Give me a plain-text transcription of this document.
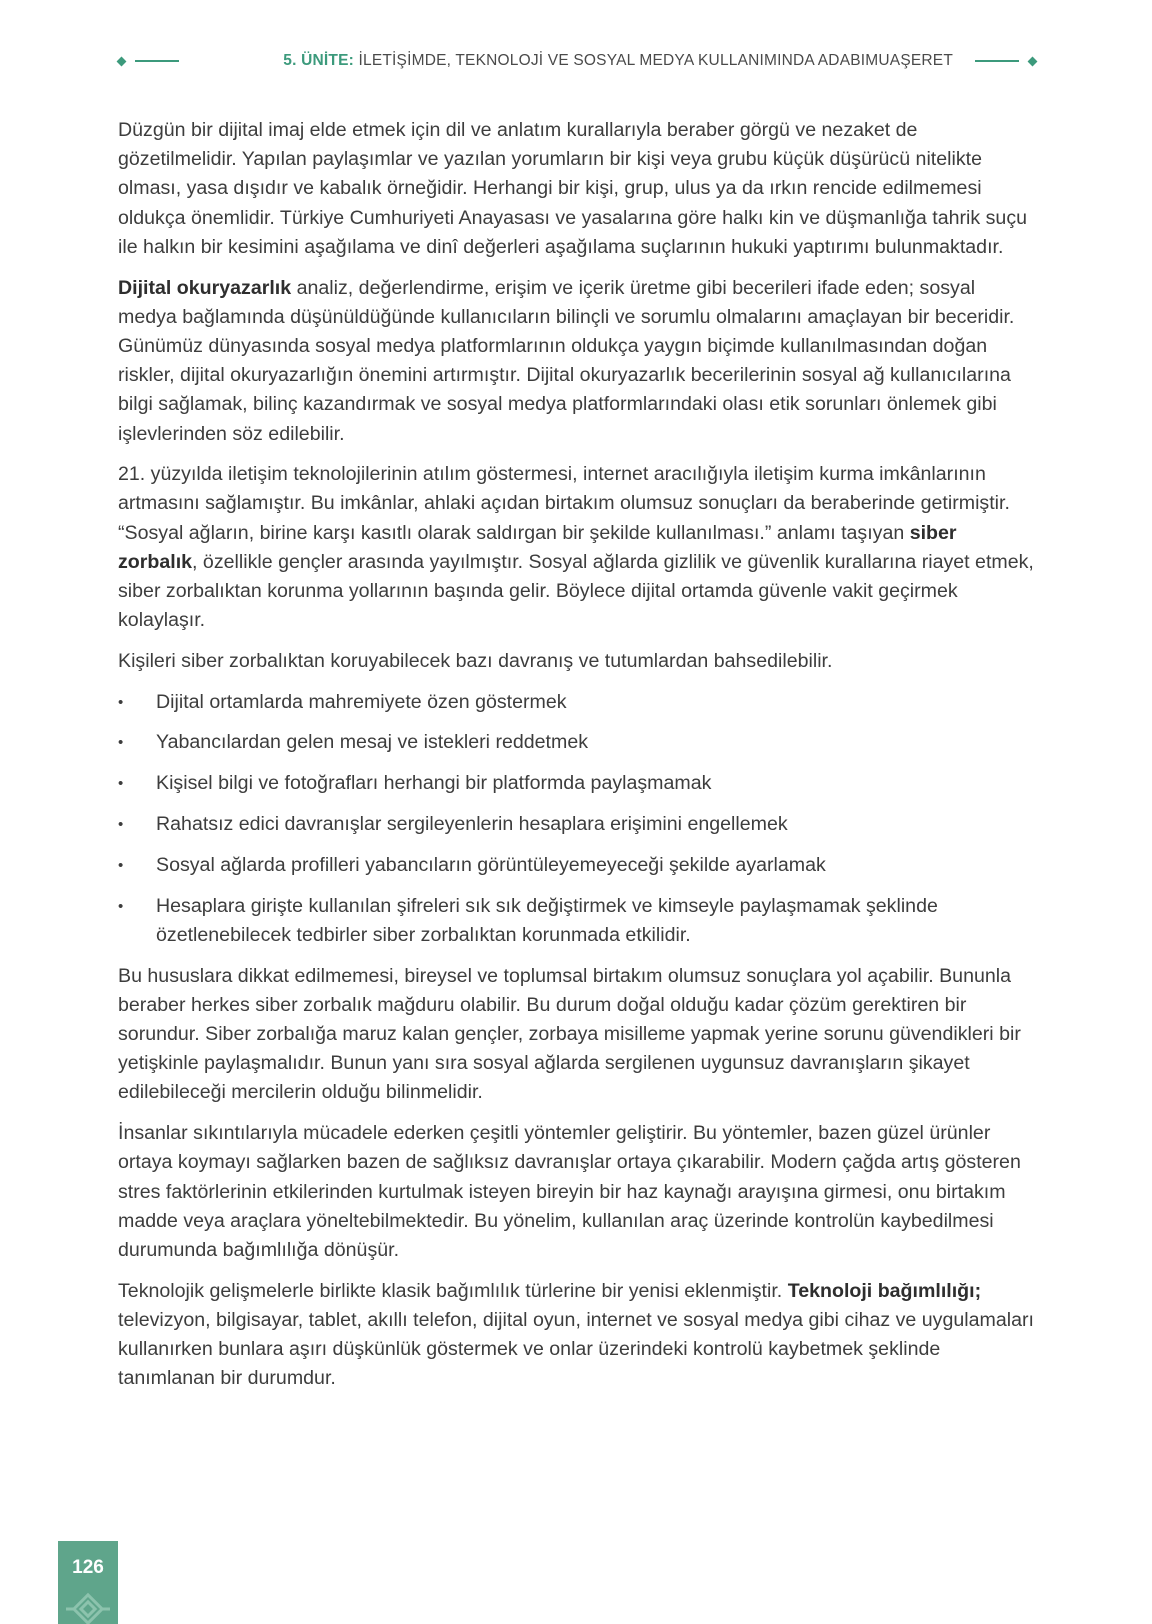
5. ÜNİTE: İLETİŞİMDE, TEKNOLOJİ VE SOSYAL MEDYA KULLANIMINDA ADABIMUAŞERET

Düzgün bir dijital imaj elde etmek için dil ve anlatım kurallarıyla beraber görgü ve nezaket de gözetilmelidir. Yapılan paylaşımlar ve yazılan yorumların bir kişi veya grubu küçük düşürücü nitelikte olması, yasa dışıdır ve kabalık örneğidir. Herhangi bir kişi, grup, ulus ya da ırkın rencide edilmemesi oldukça önemlidir. Türkiye Cumhuriyeti Anayasası ve yasalarına göre halkı kin ve düşmanlığa tahrik suçu ile halkın bir kesimini aşağılama ve dinî değerleri aşağılama suçlarının hukuki yaptırımı bulunmaktadır.

Dijital okuryazarlık analiz, değerlendirme, erişim ve içerik üretme gibi becerileri ifade eden; sosyal medya bağlamında düşünüldüğünde kullanıcıların bilinçli ve sorumlu olmalarını amaçlayan bir beceridir. Günümüz dünyasında sosyal medya platformlarının oldukça yaygın biçimde kullanılmasından doğan riskler, dijital okuryazarlığın önemini artırmıştır. Dijital okuryazarlık becerilerinin sosyal ağ kullanıcılarına bilgi sağlamak, bilinç kazandırmak ve sosyal medya platformlarındaki olası etik sorunları önlemek gibi işlevlerinden söz edilebilir.

21. yüzyılda iletişim teknolojilerinin atılım göstermesi, internet aracılığıyla iletişim kurma imkânlarının artmasını sağlamıştır. Bu imkânlar, ahlaki açıdan birtakım olumsuz sonuçları da beraberinde getirmiştir. “Sosyal ağların, birine karşı kasıtlı olarak saldırgan bir şekilde kullanılması.” anlamı taşıyan siber zorbalık, özellikle gençler arasında yayılmıştır. Sosyal ağlarda gizlilik ve güvenlik kurallarına riayet etmek, siber zorbalıktan korunma yollarının başında gelir. Böylece dijital ortamda güvenle vakit geçirmek kolaylaşır.

Kişileri siber zorbalıktan koruyabilecek bazı davranış ve tutumlardan bahsedilebilir.

• Dijital ortamlarda mahremiyete özen göstermek
• Yabancılardan gelen mesaj ve istekleri reddetmek
• Kişisel bilgi ve fotoğrafları herhangi bir platformda paylaşmamak
• Rahatsız edici davranışlar sergileyenlerin hesaplara erişimini engellemek
• Sosyal ağlarda profilleri yabancıların görüntüleyemeyeceği şekilde ayarlamak
• Hesaplara girişte kullanılan şifreleri sık sık değiştirmek ve kimseyle paylaşmamak şeklinde özetlenebilecek tedbirler siber zorbalıktan korunmada etkilidir.

Bu hususlara dikkat edilmemesi, bireysel ve toplumsal birtakım olumsuz sonuçlara yol açabilir. Bununla beraber herkes siber zorbalık mağduru olabilir. Bu durum doğal olduğu kadar çözüm gerektiren bir sorundur. Siber zorbalığa maruz kalan gençler, zorbaya misilleme yapmak yerine sorunu güvendikleri bir yetişkinle paylaşmalıdır. Bunun yanı sıra sosyal ağlarda sergilenen uygunsuz davranışların şikayet edilebileceği mercilerin olduğu bilinmelidir.

İnsanlar sıkıntılarıyla mücadele ederken çeşitli yöntemler geliştirir. Bu yöntemler, bazen güzel ürünler ortaya koymayı sağlarken bazen de sağlıksız davranışlar ortaya çıkarabilir. Modern çağda artış gösteren stres faktörlerinin etkilerinden kurtulmak isteyen bireyin bir haz kaynağı arayışına girmesi, onu birtakım madde veya araçlara yöneltebilmektedir. Bu yönelim, kullanılan araç üzerinde kontrolün kaybedilmesi durumunda bağımlılığa dönüşür.

Teknolojik gelişmelerle birlikte klasik bağımlılık türlerine bir yenisi eklenmiştir. Teknoloji bağımlılığı; televizyon, bilgisayar, tablet, akıllı telefon, dijital oyun, internet ve sosyal medya gibi cihaz ve uygulamaları kullanırken bunlara aşırı düşkünlük göstermek ve onlar üzerindeki kontrolü kaybetmek şeklinde tanımlanan bir durumdur.

126
